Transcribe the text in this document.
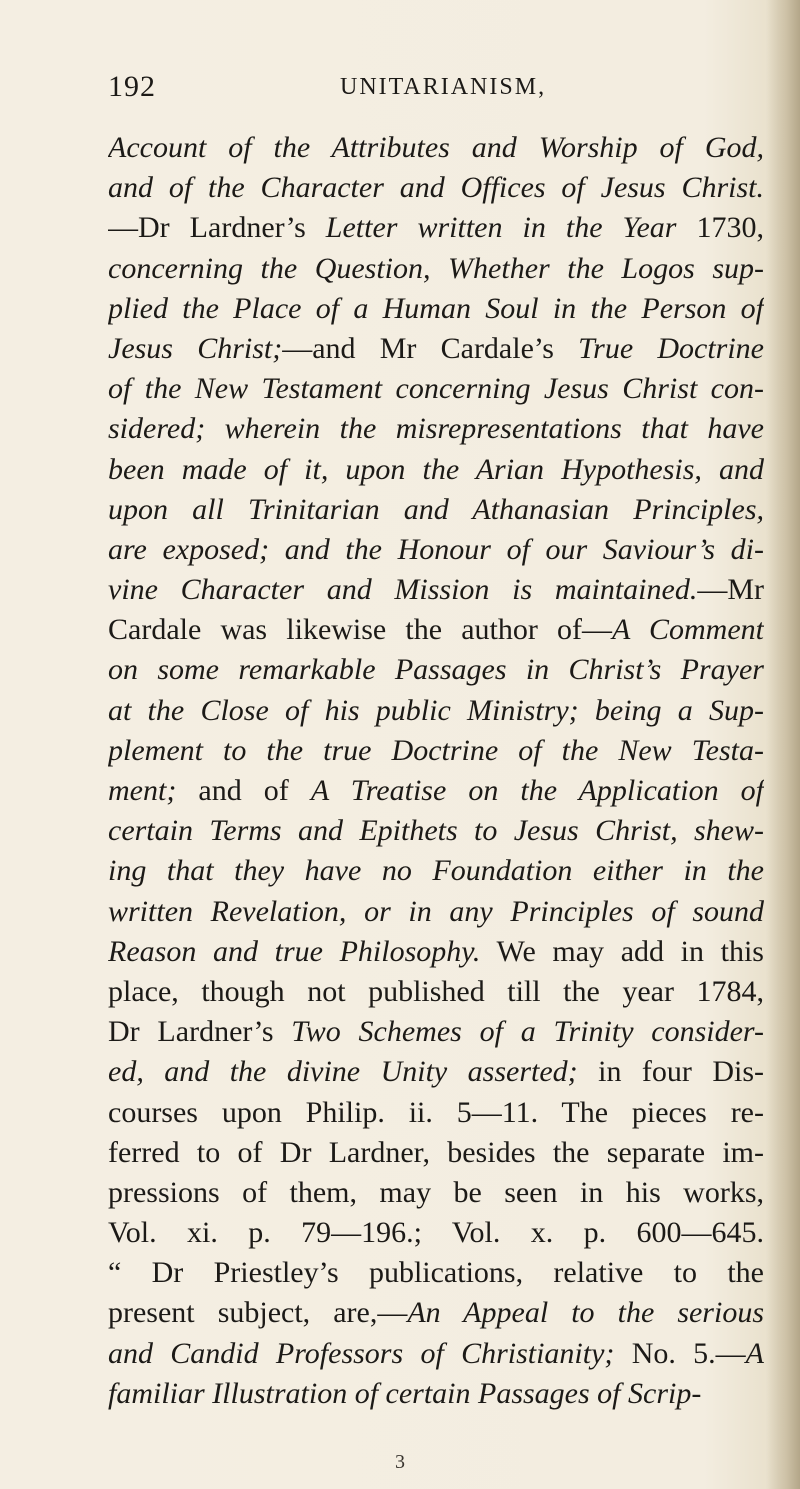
192	UNITARIANISM,
Account of the Attributes and Worship of God,
and of the Character and Offices of Jesus Christ.
—Dr Lardner’s Letter written in the Year 1730,
concerning the Question, Whether the Logos sup-
plied the Place of a Human Soul in the Person of
Jesus Christ;—and Mr Cardale’s True Doctrine
of the New Testament concerning Jesus Christ con-
sidered; wherein the misrepresentations that have
been made of it, upon the Arian Hypothesis, and
upon all Trinitarian and Athanasian Principles,
are exposed; and the Honour of our Saviour’s di-
vine Character and Mission is maintained.—Mr
Cardale was likewise the author of—A Comment
on some remarkable Passages in Christ’s Prayer
at the Close of his public Ministry; being a Sup-
plement to the true Doctrine of the New Testa-
ment; and of A Treatise on the Application of
certain Terms and Epithets to Jesus Christ, shew-
ing that they have no Foundation either in the
written Revelation, or in any Principles of sound
Reason and true Philosophy. We may add in this
place, though not published till the year 1784,
Dr Lardner’s Two Schemes of a Trinity consider-
ed, and the divine Unity asserted; in four Dis-
courses upon Philip. ii. 5—11. The pieces re-
ferred to of Dr Lardner, besides the separate im-
pressions of them, may be seen in his works,
Vol. xi. p. 79—196.; Vol. x. p. 600—645.
“ Dr Priestley’s publications, relative to the
present subject, are,—An Appeal to the serious
and Candid Professors of Christianity; No. 5.—A
familiar Illustration of certain Passages of Scrip-
3
